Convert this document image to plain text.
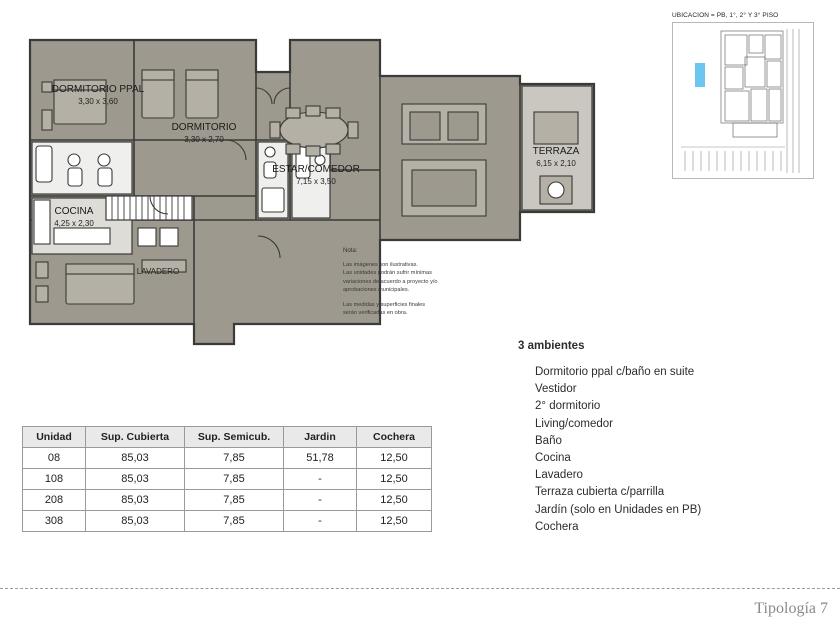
DORMITORIO PPAL
3,30 x 3,60
DORMITORIO
3,30 x 2,70
ESTAR/COMEDOR
7,15 x 3,50
TERRAZA
6,15 x 2,10
COCINA
4,25 x 2,30
LAVADERO
Nota:
Las imágenes son ilustrativas.
Las unidades podrán sufrir mínimas
variaciones de acuerdo a proyecto y/o
aprobaciones municipales.
Las medidas y superficies finales
serán verificadas en obra.
UBICACION = PB, 1°, 2° Y 3° PISO
3 ambientes
Dormitorio ppal c/baño en suite
Vestidor
2° dormitorio
Living/comedor
Baño
Cocina
Lavadero
Terraza cubierta c/parrilla
Jardín (solo en Unidades en PB)
Cochera
Unidad	Sup. Cubierta	Sup. Semicub.	Jardin	Cochera
08	85,03	7,85	51,78	12,50
108	85,03	7,85	-	12,50
208	85,03	7,85	-	12,50
308	85,03	7,85	-	12,50
Tipología 7
